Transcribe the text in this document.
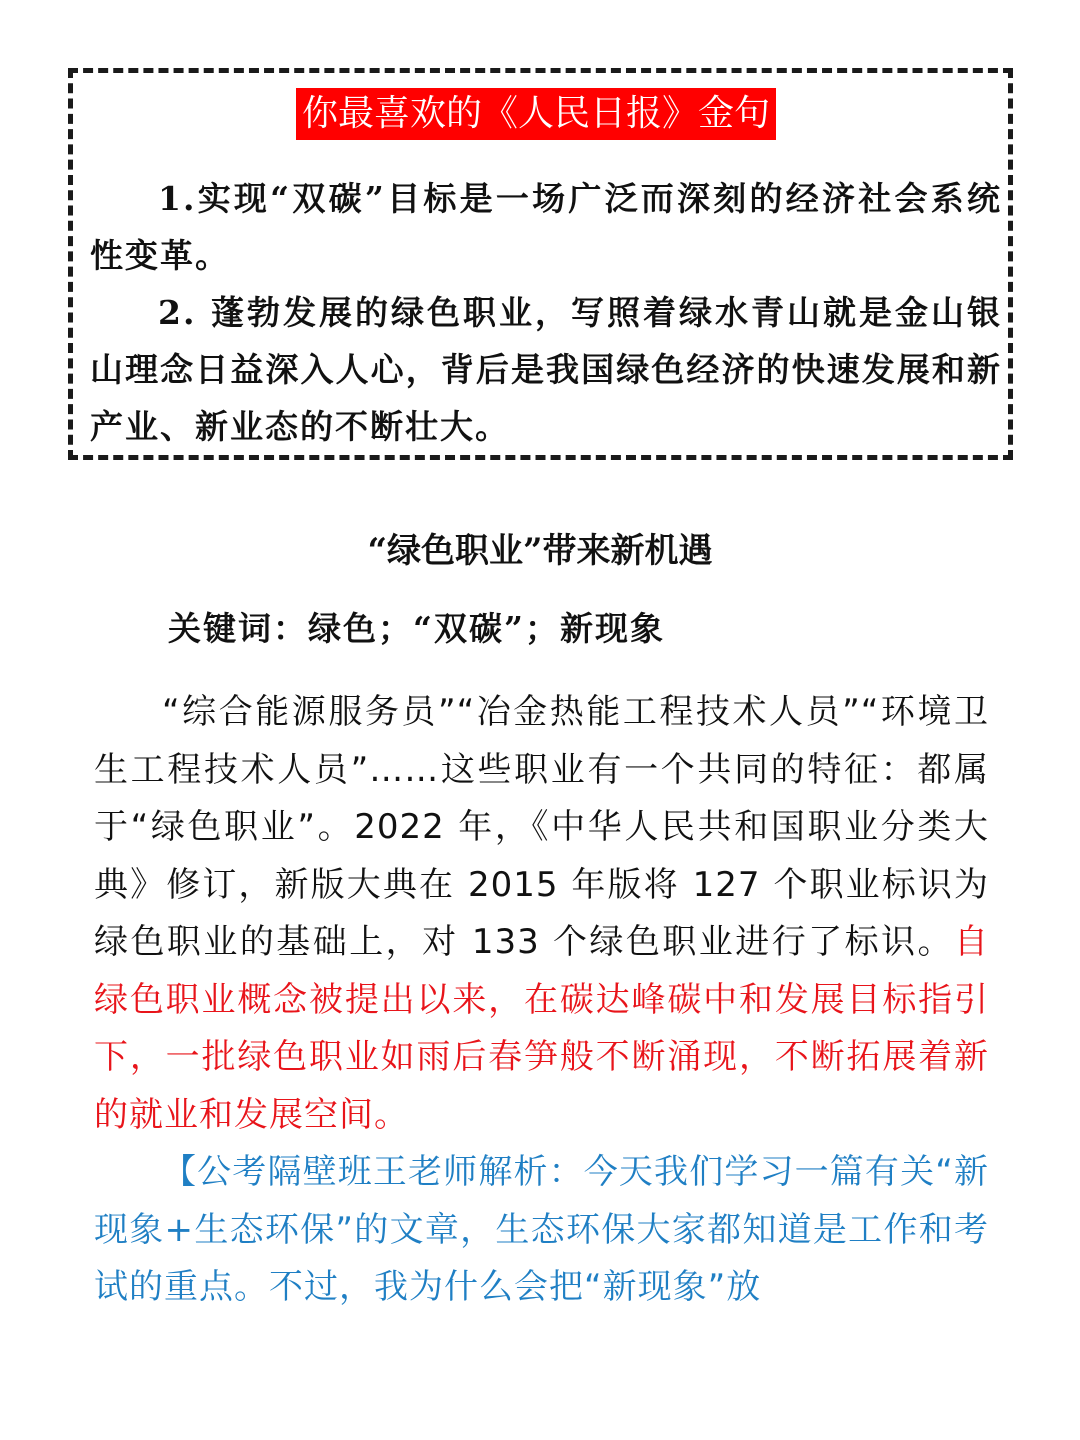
你最喜欢的《人民日报》金句

1.实现“双碳”目标是一场广泛而深刻的经济社会系统性变革。

2. 蓬勃发展的绿色职业，写照着绿水青山就是金山银山理念日益深入人心，背后是我国绿色经济的快速发展和新产业、新业态的不断壮大。

“绿色职业”带来新机遇
关键词：绿色；“双碳”；新现象

“综合能源服务员”“冶金热能工程技术人员”“环境卫生工程技术人员”……这些职业有一个共同的特征：都属于“绿色职业”。2022 年，《中华人民共和国职业分类大典》修订，新版大典在 2015 年版将 127 个职业标识为绿色职业的基础上，对 133 个绿色职业进行了标识。自绿色职业概念被提出以来，在碳达峰碳中和发展目标指引下，一批绿色职业如雨后春笋般不断涌现，不断拓展着新的就业和发展空间。

【公考隔壁班王老师解析：今天我们学习一篇有关“新现象+生态环保”的文章，生态环保大家都知道是工作和考试的重点。不过，我为什么会把“新现象”放
